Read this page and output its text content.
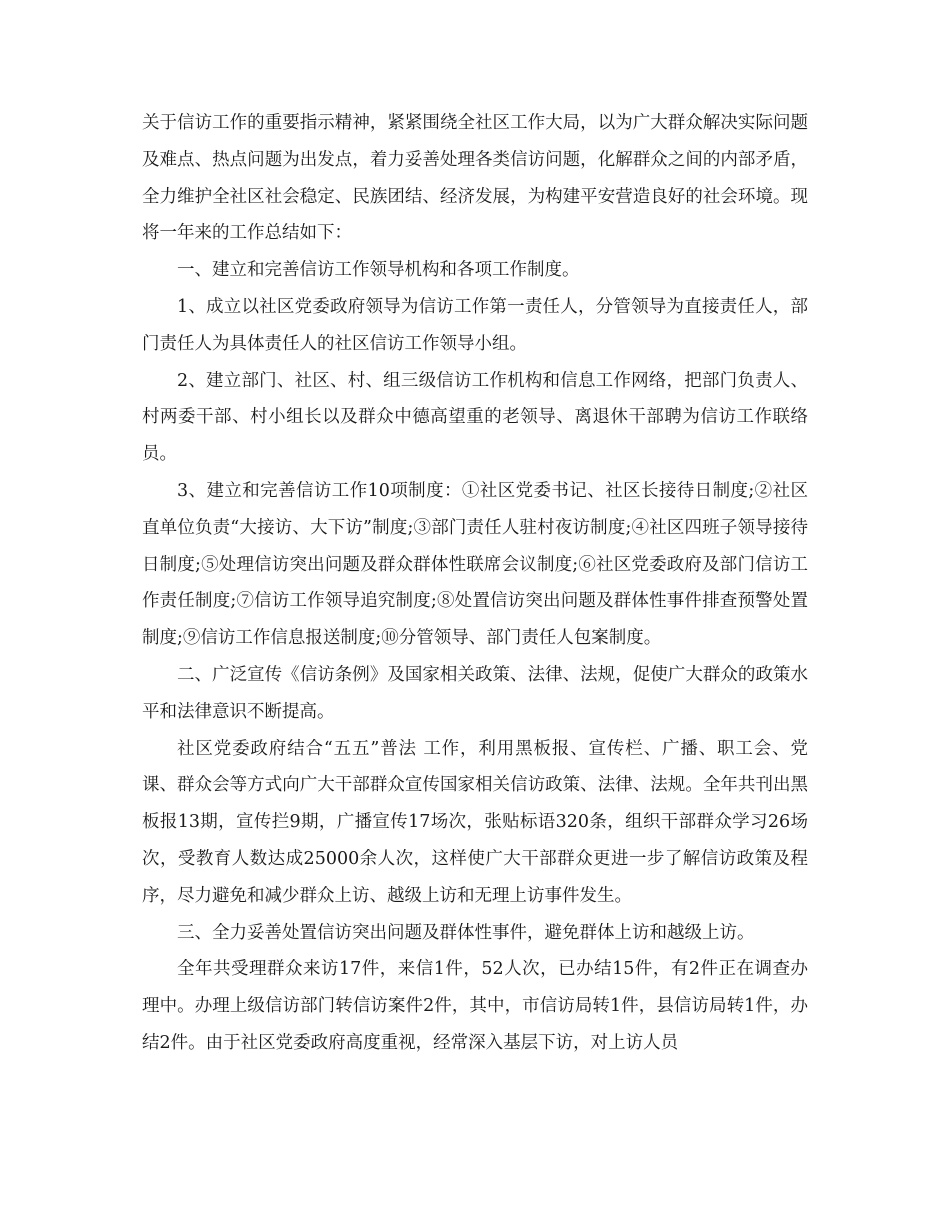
关于信访工作的重要指示精神，紧紧围绕全社区工作大局，以为广大群众解决实际问题及难点、热点问题为出发点，着力妥善处理各类信访问题，化解群众之间的内部矛盾，全力维护全社区社会稳定、民族团结、经济发展，为构建平安营造良好的社会环境。现将一年来的工作总结如下：

一、建立和完善信访工作领导机构和各项工作制度。

1、成立以社区党委政府领导为信访工作第一责任人，分管领导为直接责任人，部门责任人为具体责任人的社区信访工作领导小组。

2、建立部门、社区、村、组三级信访工作机构和信息工作网络，把部门负责人、村两委干部、村小组长以及群众中德高望重的老领导、离退休干部聘为信访工作联络员。

3、建立和完善信访工作10项制度：①社区党委书记、社区长接待日制度;②社区直单位负责“大接访、大下访”制度;③部门责任人驻村夜访制度;④社区四班子领导接待日制度;⑤处理信访突出问题及群众群体性联席会议制度;⑥社区党委政府及部门信访工作责任制度;⑦信访工作领导追究制度;⑧处置信访突出问题及群体性事件排查预警处置制度;⑨信访工作信息报送制度;⑩分管领导、部门责任人包案制度。

二、广泛宣传《信访条例》及国家相关政策、法律、法规，促使广大群众的政策水平和法律意识不断提高。

社区党委政府结合“五五”普法 工作，利用黑板报、宣传栏、广播、职工会、党课、群众会等方式向广大干部群众宣传国家相关信访政策、法律、法规。全年共刊出黑板报13期，宣传拦9期，广播宣传17场次，张贴标语320条，组织干部群众学习26场次，受教育人数达成25000余人次，这样使广大干部群众更进一步了解信访政策及程序，尽力避免和减少群众上访、越级上访和无理上访事件发生。

三、全力妥善处置信访突出问题及群体性事件，避免群体上访和越级上访。

全年共受理群众来访17件，来信1件，52人次，已办结15件，有2件正在调查办理中。办理上级信访部门转信访案件2件，其中，市信访局转1件，县信访局转1件，办结2件。由于社区党委政府高度重视，经常深入基层下访，对上访人员
